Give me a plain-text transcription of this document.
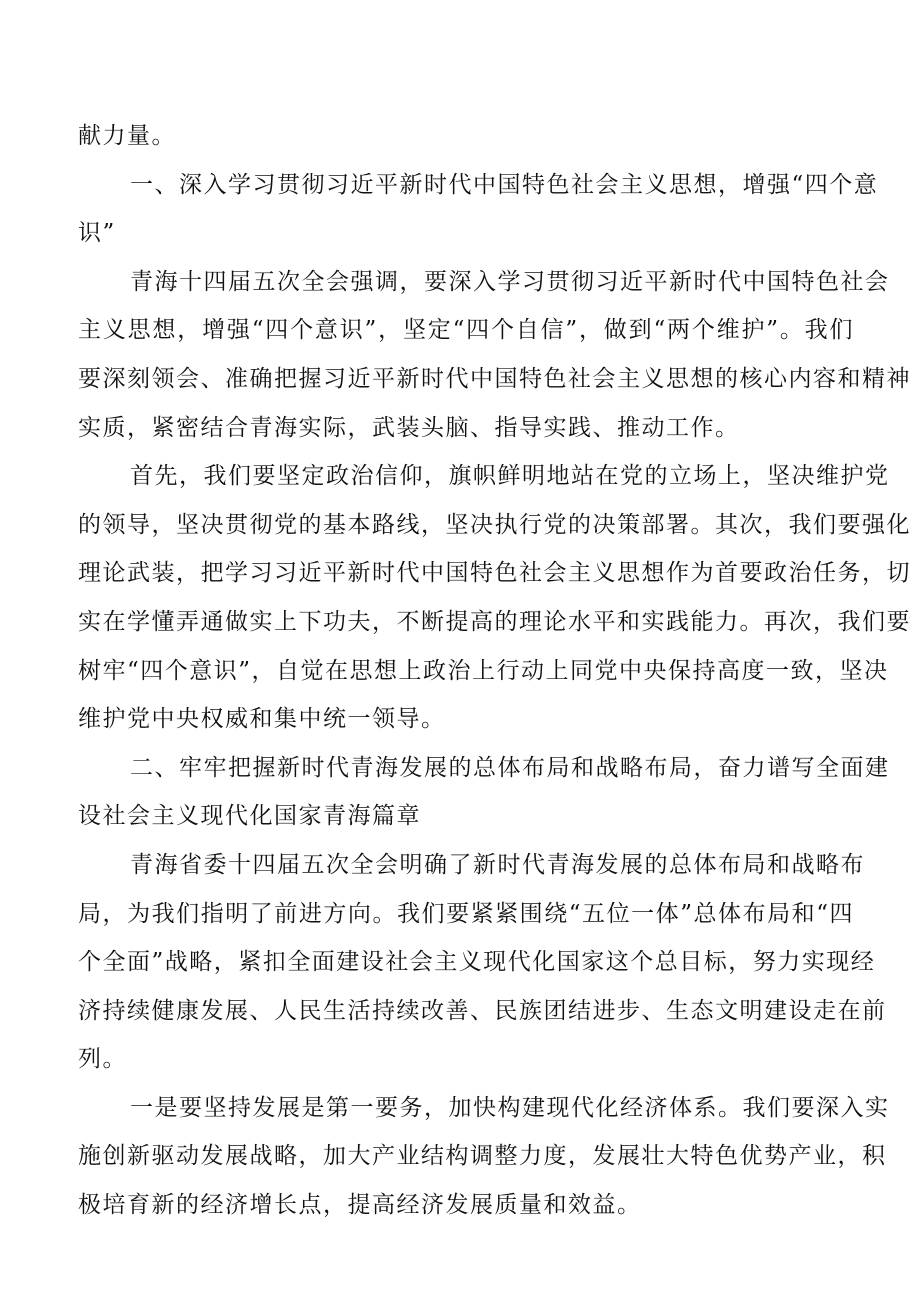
献力量。
一、深入学习贯彻习近平新时代中国特色社会主义思想，增强“四个意
识”
青海十四届五次全会强调，要深入学习贯彻习近平新时代中国特色社会
主义思想，增强“四个意识”，坚定“四个自信”，做到“两个维护”。我们
要深刻领会、准确把握习近平新时代中国特色社会主义思想的核心内容和精神
实质，紧密结合青海实际，武装头脑、指导实践、推动工作。
首先，我们要坚定政治信仰，旗帜鲜明地站在党的立场上，坚决维护党
的领导，坚决贯彻党的基本路线，坚决执行党的决策部署。其次，我们要强化
理论武装，把学习习近平新时代中国特色社会主义思想作为首要政治任务，切
实在学懂弄通做实上下功夫，不断提高的理论水平和实践能力。再次，我们要
树牢“四个意识”，自觉在思想上政治上行动上同党中央保持高度一致，坚决
维护党中央权威和集中统一领导。
二、牢牢把握新时代青海发展的总体布局和战略布局，奋力谱写全面建
设社会主义现代化国家青海篇章
青海省委十四届五次全会明确了新时代青海发展的总体布局和战略布
局，为我们指明了前进方向。我们要紧紧围绕“五位一体”总体布局和“四
个全面”战略，紧扣全面建设社会主义现代化国家这个总目标，努力实现经
济持续健康发展、人民生活持续改善、民族团结进步、生态文明建设走在前
列。
一是要坚持发展是第一要务，加快构建现代化经济体系。我们要深入实
施创新驱动发展战略，加大产业结构调整力度，发展壮大特色优势产业，积
极培育新的经济增长点，提高经济发展质量和效益。
